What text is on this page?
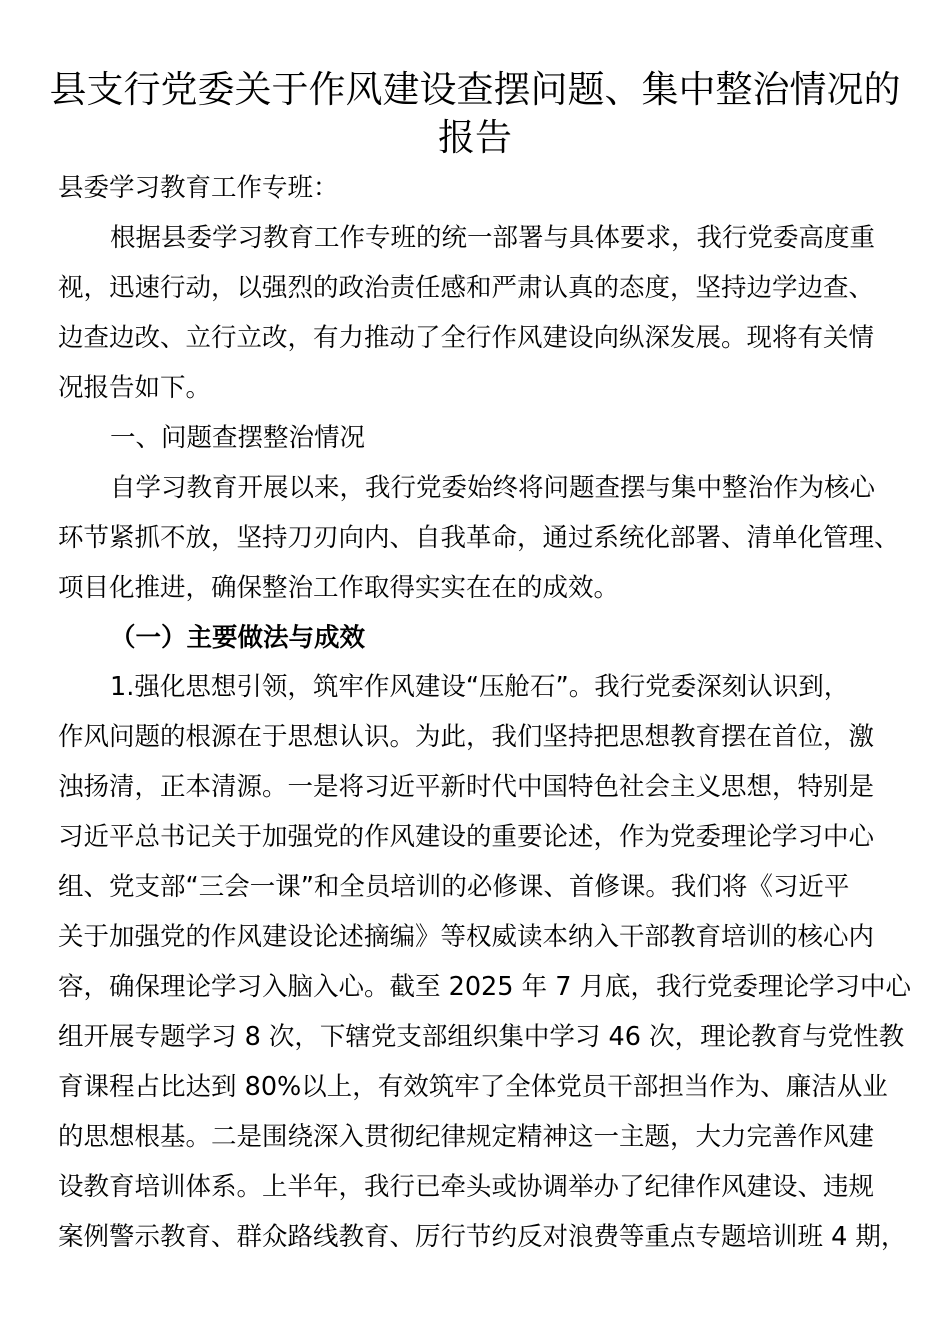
县支行党委关于作风建设查摆问题、集中整治情况的
报告
县委学习教育工作专班：
根据县委学习教育工作专班的统一部署与具体要求，我行党委高度重
视，迅速行动，以强烈的政治责任感和严肃认真的态度，坚持边学边查、
边查边改、立行立改，有力推动了全行作风建设向纵深发展。现将有关情
况报告如下。
一、问题查摆整治情况
自学习教育开展以来，我行党委始终将问题查摆与集中整治作为核心
环节紧抓不放，坚持刀刃向内、自我革命，通过系统化部署、清单化管理、
项目化推进，确保整治工作取得实实在在的成效。
（一）主要做法与成效
1.强化思想引领，筑牢作风建设“压舱石”。我行党委深刻认识到，
作风问题的根源在于思想认识。为此，我们坚持把思想教育摆在首位，激
浊扬清，正本清源。一是将习近平新时代中国特色社会主义思想，特别是
习近平总书记关于加强党的作风建设的重要论述，作为党委理论学习中心
组、党支部“三会一课”和全员培训的必修课、首修课。我们将《习近平
关于加强党的作风建设论述摘编》等权威读本纳入干部教育培训的核心内
容，确保理论学习入脑入心。截至 2025 年 7 月底，我行党委理论学习中心
组开展专题学习 8 次，下辖党支部组织集中学习 46 次，理论教育与党性教
育课程占比达到 80%以上，有效筑牢了全体党员干部担当作为、廉洁从业
的思想根基。二是围绕深入贯彻纪律规定精神这一主题，大力完善作风建
设教育培训体系。上半年，我行已牵头或协调举办了纪律作风建设、违规
案例警示教育、群众路线教育、厉行节约反对浪费等重点专题培训班 4 期，
